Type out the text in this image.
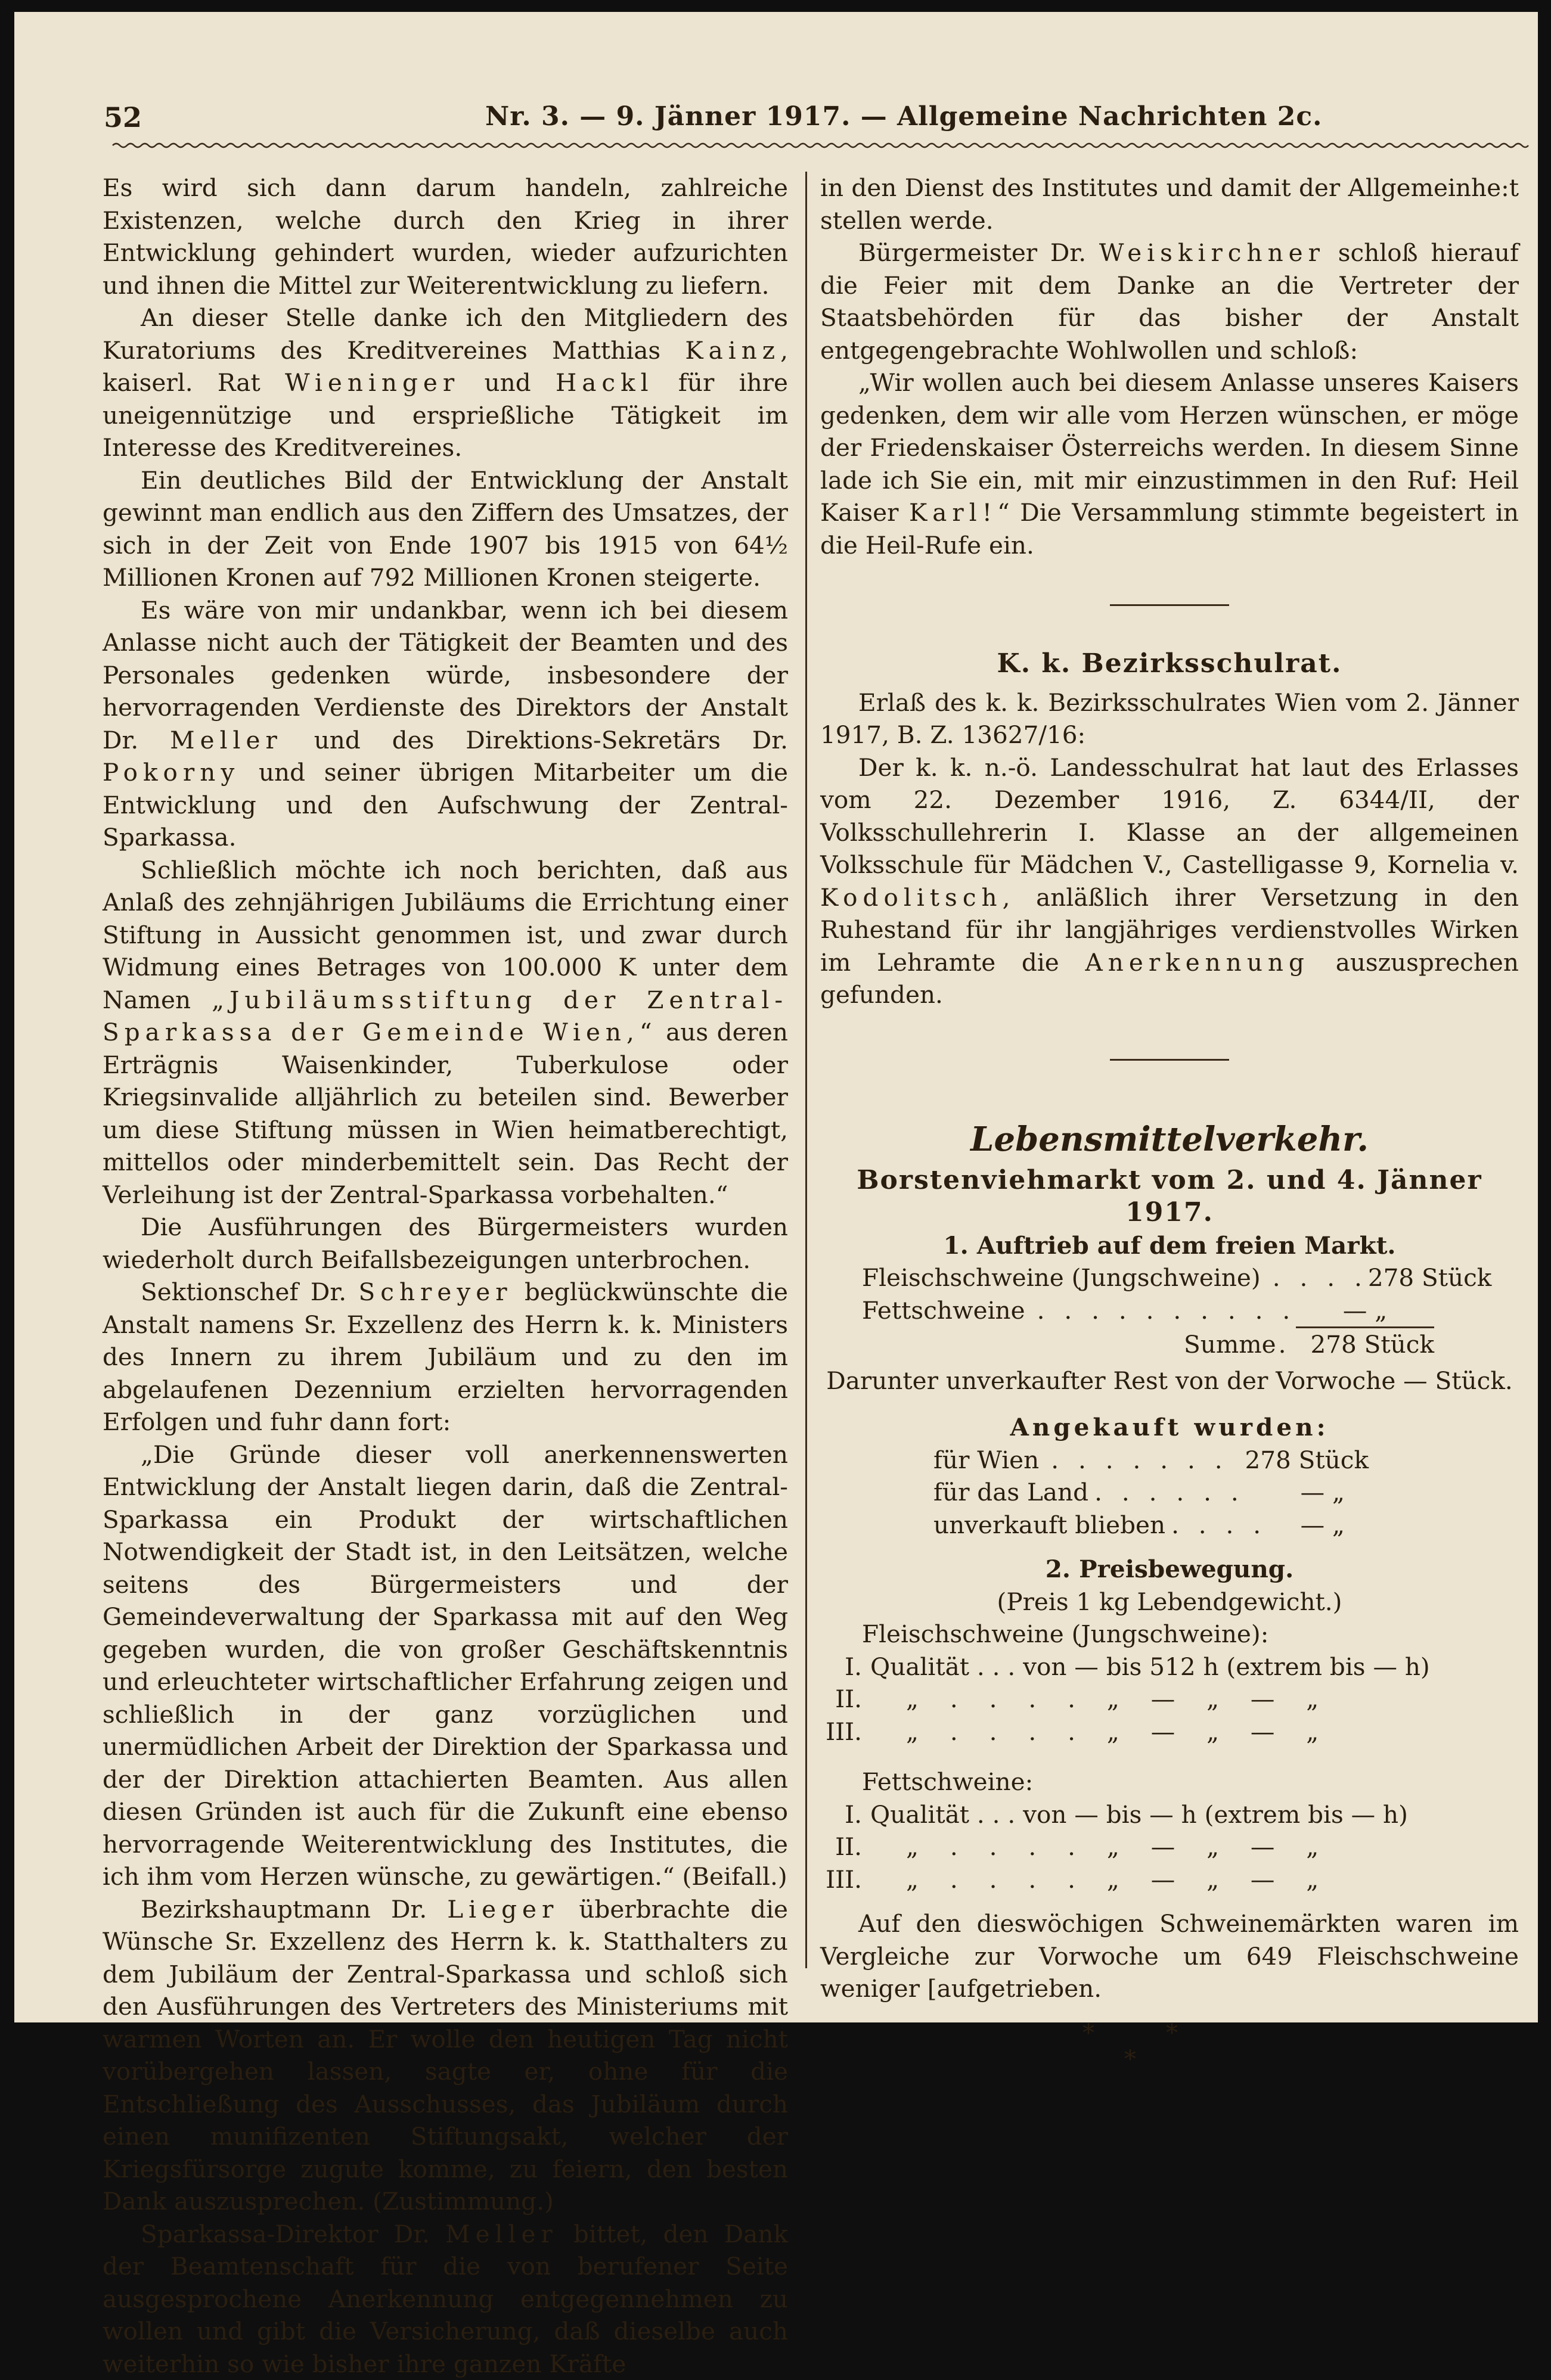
52	Nr. 3. — 9. Jänner 1917. — Allgemeine Nachrichten 2c.

Es wird sich dann darum handeln, zahlreiche Existenzen, welche durch den Krieg in ihrer Entwicklung gehindert wurden, wieder aufzurichten und ihnen die Mittel zur Weiterentwicklung zu liefern.

An dieser Stelle danke ich den Mitgliedern des Kuratoriums des Kreditvereines Matthias Kainz, kaiserl. Rat Wieninger und Hackl für ihre uneigennützige und ersprießliche Tätigkeit im Interesse des Kreditvereines.

Ein deutliches Bild der Entwicklung der Anstalt gewinnt man endlich aus den Ziffern des Umsatzes, der sich in der Zeit von Ende 1907 bis 1915 von 64½ Millionen Kronen auf 792 Millionen Kronen steigerte.

Es wäre von mir undankbar, wenn ich bei diesem Anlasse nicht auch der Tätigkeit der Beamten und des Personales gedenken würde, insbesondere der hervorragenden Verdienste des Direktors der Anstalt Dr. Meller und des Direktions-Sekretärs Dr. Pokorny und seiner übrigen Mitarbeiter um die Entwicklung und den Aufschwung der Zentral-Sparkassa.

Schließlich möchte ich noch berichten, daß aus Anlaß des zehnjährigen Jubiläums die Errichtung einer Stiftung in Aussicht genommen ist, und zwar durch Widmung eines Betrages von 100.000 K unter dem Namen „Jubiläumsstiftung der Zentral-Sparkassa der Gemeinde Wien,“ aus deren Erträgnis Waisenkinder, Tuberkulose oder Kriegsinvalide alljährlich zu beteilen sind. Bewerber um diese Stiftung müssen in Wien heimatberechtigt, mittellos oder minderbemittelt sein. Das Recht der Verleihung ist der Zentral-Sparkassa vorbehalten.“

Die Ausführungen des Bürgermeisters wurden wiederholt durch Beifallsbezeigungen unterbrochen.

Sektionschef Dr. Schreyer beglückwünschte die Anstalt namens Sr. Exzellenz des Herrn k. k. Ministers des Innern zu ihrem Jubiläum und zu den im abgelaufenen Dezennium erzielten hervorragenden Erfolgen und fuhr dann fort:

„Die Gründe dieser voll anerkennenswerten Entwicklung der Anstalt liegen darin, daß die Zentral-Sparkassa ein Produkt der wirtschaftlichen Notwendigkeit der Stadt ist, in den Leitsätzen, welche seitens des Bürgermeisters und der Gemeindeverwaltung der Sparkassa mit auf den Weg gegeben wurden, die von großer Geschäftskenntnis und erleuchteter wirtschaftlicher Erfahrung zeigen und schließlich in der ganz vorzüglichen und unermüdlichen Arbeit der Direktion der Sparkassa und der der Direktion attachierten Beamten. Aus allen diesen Gründen ist auch für die Zukunft eine ebenso hervorragende Weiterentwicklung des Institutes, die ich ihm vom Herzen wünsche, zu gewärtigen.“ (Beifall.)

Bezirkshauptmann Dr. Lieger überbrachte die Wünsche Sr. Exzellenz des Herrn k. k. Statthalters zu dem Jubiläum der Zentral-Sparkassa und schloß sich den Ausführungen des Vertreters des Ministeriums mit warmen Worten an. Er wolle den heutigen Tag nicht vorübergehen lassen, sagte er, ohne für die Entschließung des Ausschusses, das Jubiläum durch einen munifizenten Stiftungsakt, welcher der Kriegsfürsorge zugute komme, zu feiern, den besten Dank auszusprechen. (Zustimmung.)

Sparkassa-Direktor Dr. Meller bittet, den Dank der Beamtenschaft für die von berufener Seite ausgesprochene Anerkennung entgegennehmen zu wollen und gibt die Versicherung, daß dieselbe auch weiterhin so wie bisher ihre ganzen Kräfte

in den Dienst des Institutes und damit der Allgemeinhe:t stellen werde.

Bürgermeister Dr. Weiskirchner schloß hierauf die Feier mit dem Danke an die Vertreter der Staatsbehörden für das bisher der Anstalt entgegengebrachte Wohlwollen und schloß:

„Wir wollen auch bei diesem Anlasse unseres Kaisers gedenken, dem wir alle vom Herzen wünschen, er möge der Friedenskaiser Österreichs werden. In diesem Sinne lade ich Sie ein, mit mir einzustimmen in den Ruf: Heil Kaiser Karl!“ Die Versammlung stimmte begeistert in die Heil-Rufe ein.

K. k. Bezirksschulrat.

Erlaß des k. k. Bezirksschulrates Wien vom 2. Jänner 1917, B. Z. 13627/16:

Der k. k. n.-ö. Landesschulrat hat laut des Erlasses vom 22. Dezember 1916, Z. 6344/II, der Volksschullehrerin I. Klasse an der allgemeinen Volksschule für Mädchen V., Castelligasse 9, Kornelia v. Kodolitsch, anläßlich ihrer Versetzung in den Ruhestand für ihr langjähriges verdienstvolles Wirken im Lehramte die Anerkennung auszusprechen gefunden.

Lebensmittelverkehr.

Borstenviehmarkt vom 2. und 4. Jänner 1917.

1. Auftrieb auf dem freien Markt.

Fleischschweine (Jungschweine) . . . . 278 Stück
Fettschweine . . . . . . . . . .	— „
Summe . 278 Stück

Darunter unverkaufter Rest von der Vorwoche — Stück.

Angekauft wurden:

für Wien . . . . . . . 278 Stück
für das Land . . . . . . — „
unverkauft blieben . . . . — „

2. Preisbewegung.

(Preis 1 kg Lebendgewicht.)

Fleischschweine (Jungschweine):

I. Qualität . . . von — bis 512 h (extrem bis — h)
II.	„ . . . . „ — „ — „
III.	„ . . . . „ — „ — „

Fettschweine:

I. Qualität . . . von — bis — h (extrem bis — h)
II.	„ . . . . „ — „ — „
III.	„ . . . . „ — „ — „

Auf den dieswöchigen Schweinemärkten waren im Vergleiche zur Vorwoche um 649 Fleischschweine weniger [aufgetrieben.

*	*
*
